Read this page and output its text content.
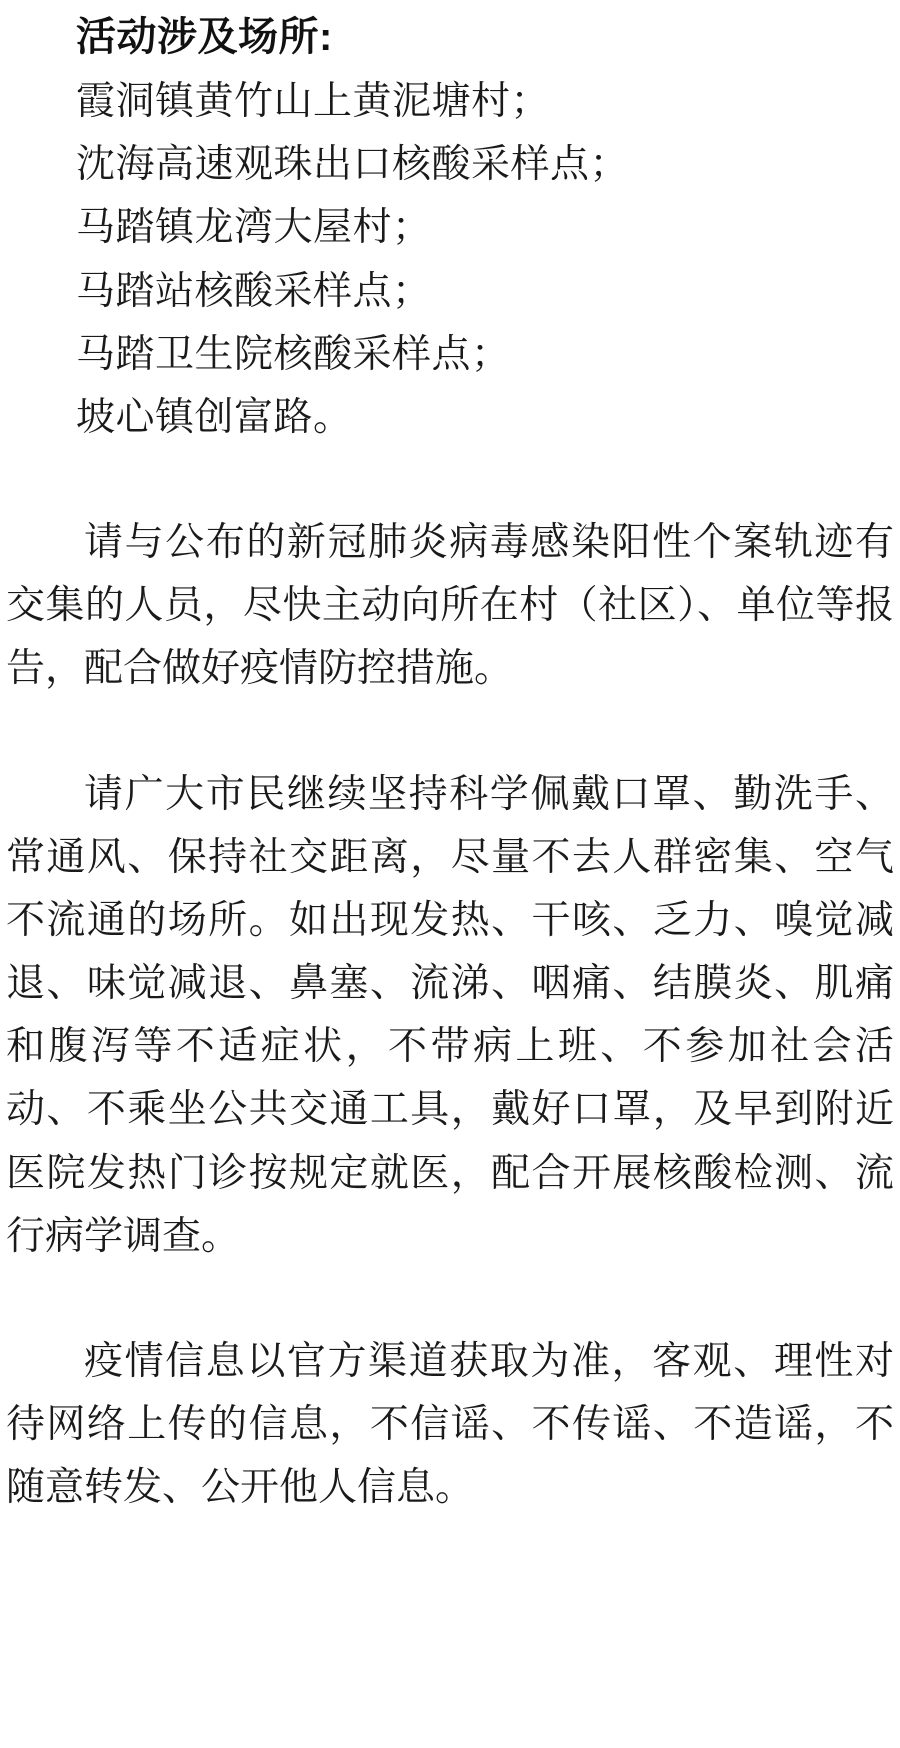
活动涉及场所:
霞洞镇黄竹山上黄泥塘村；
沈海高速观珠出口核酸采样点；
马踏镇龙湾大屋村；
马踏站核酸采样点；
马踏卫生院核酸采样点；
坡心镇创富路。
请与公布的新冠肺炎病毒感染阳性个案轨迹有交集的人员，尽快主动向所在村（社区）、单位等报告，配合做好疫情防控措施。
请广大市民继续坚持科学佩戴口罩、勤洗手、常通风、保持社交距离，尽量不去人群密集、空气不流通的场所。如出现发热、干咳、乏力、嗅觉减退、味觉减退、鼻塞、流涕、咽痛、结膜炎、肌痛和腹泻等不适症状，不带病上班、不参加社会活动、不乘坐公共交通工具，戴好口罩，及早到附近医院发热门诊按规定就医，配合开展核酸检测、流行病学调查。
疫情信息以官方渠道获取为准，客观、理性对待网络上传的信息，不信谣、不传谣、不造谣，不随意转发、公开他人信息。
